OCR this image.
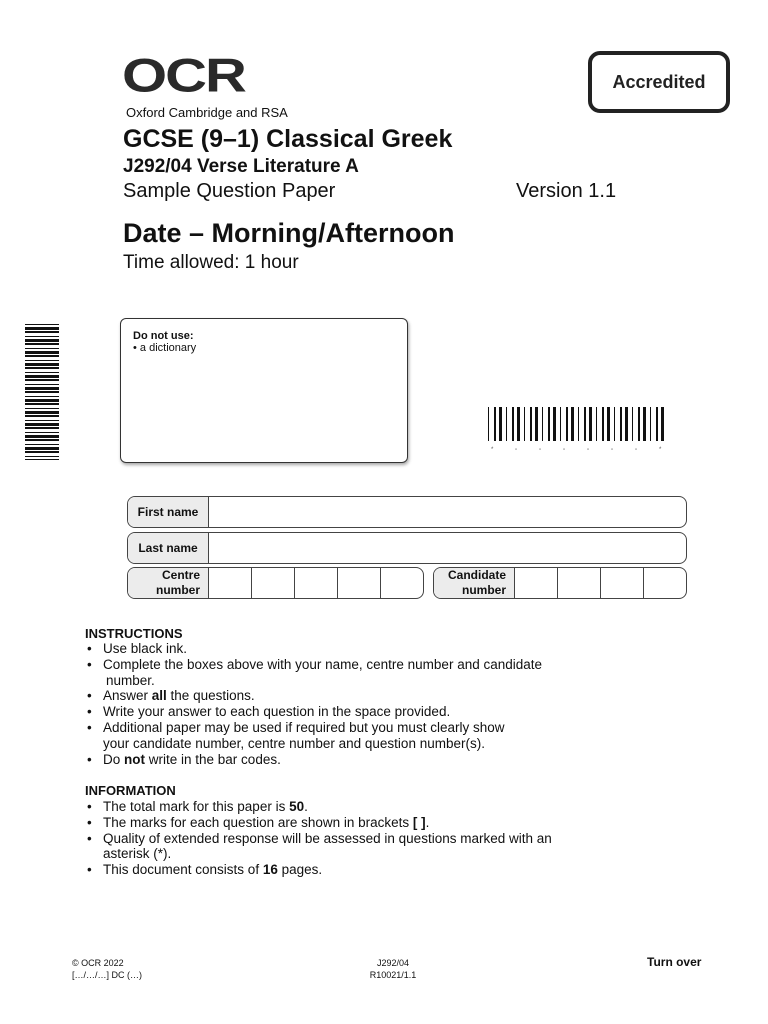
OCR
Oxford Cambridge and RSA
Accredited
GCSE (9–1) Classical Greek
J292/04 Verse Literature A
Sample Question Paper	Version 1.1
Date – Morning/Afternoon
Time allowed: 1 hour
Do not use:
• a dictionary
*	▫	▫	▫	▫	▫	▫	*
First name
Last name
Centre
number
Candidate
number
INSTRUCTIONS
• Use black ink.
• Complete the boxes above with your name, centre number and candidate
number.
• Answer all the questions.
• Write your answer to each question in the space provided.
• Additional paper may be used if required but you must clearly show
your candidate number, centre number and question number(s).
• Do not write in the bar codes.
INFORMATION
• The total mark for this paper is 50.
• The marks for each question are shown in brackets [ ].
• Quality of extended response will be assessed in questions marked with an
asterisk (*).
• This document consists of 16 pages.
© OCR 2022
[…/…/…] DC (…)
J292/04
R10021/1.1
Turn over
